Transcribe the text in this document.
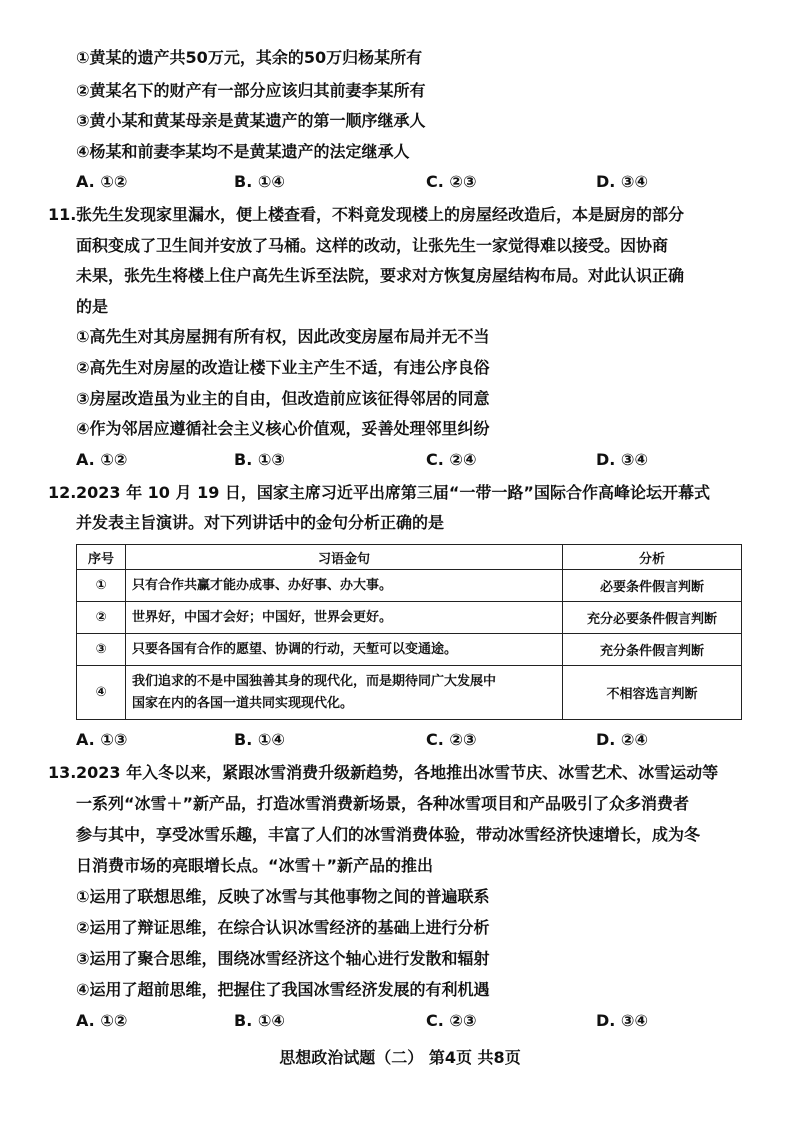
①黄某的遗产共50万元，其余的50万归杨某所有
②黄某名下的财产有一部分应该归其前妻李某所有
③黄小某和黄某母亲是黄某遗产的第一顺序继承人
④杨某和前妻李某均不是黄某遗产的法定继承人
A. ①②	B. ①④	C. ②③	D. ③④
11. 张先生发现家里漏水，便上楼查看，不料竟发现楼上的房屋经改造后，本是厨房的部分
面积变成了卫生间并安放了马桶。这样的改动，让张先生一家觉得难以接受。因协商
未果，张先生将楼上住户高先生诉至法院，要求对方恢复房屋结构布局。对此认识正确
的是
①高先生对其房屋拥有所有权，因此改变房屋布局并无不当
②高先生对房屋的改造让楼下业主产生不适，有违公序良俗
③房屋改造虽为业主的自由，但改造前应该征得邻居的同意
④作为邻居应遵循社会主义核心价值观，妥善处理邻里纠纷
A. ①②	B. ①③	C. ②④	D. ③④
12. 2023 年 10 月 19 日，国家主席习近平出席第三届“一带一路”国际合作高峰论坛开幕式
并发表主旨演讲。对下列讲话中的金句分析正确的是
序号	习语金句	分析
①	只有合作共赢才能办成事、办好事、办大事。	必要条件假言判断
②	世界好，中国才会好；中国好，世界会更好。	充分必要条件假言判断
③	只要各国有合作的愿望、协调的行动，天堑可以变通途。	充分条件假言判断
④	我们追求的不是中国独善其身的现代化，而是期待同广大发展中
国家在内的各国一道共同实现现代化。	不相容选言判断
A. ①③	B. ①④	C. ②③	D. ②④
13. 2023 年入冬以来，紧跟冰雪消费升级新趋势，各地推出冰雪节庆、冰雪艺术、冰雪运动等
一系列“冰雪＋”新产品，打造冰雪消费新场景，各种冰雪项目和产品吸引了众多消费者
参与其中，享受冰雪乐趣，丰富了人们的冰雪消费体验，带动冰雪经济快速增长，成为冬
日消费市场的亮眼增长点。“冰雪＋”新产品的推出
①运用了联想思维，反映了冰雪与其他事物之间的普遍联系
②运用了辩证思维，在综合认识冰雪经济的基础上进行分析
③运用了聚合思维，围绕冰雪经济这个轴心进行发散和辐射
④运用了超前思维，把握住了我国冰雪经济发展的有利机遇
A. ①②	B. ①④	C. ②③	D. ③④
思想政治试题（二） 第4页 共8页
